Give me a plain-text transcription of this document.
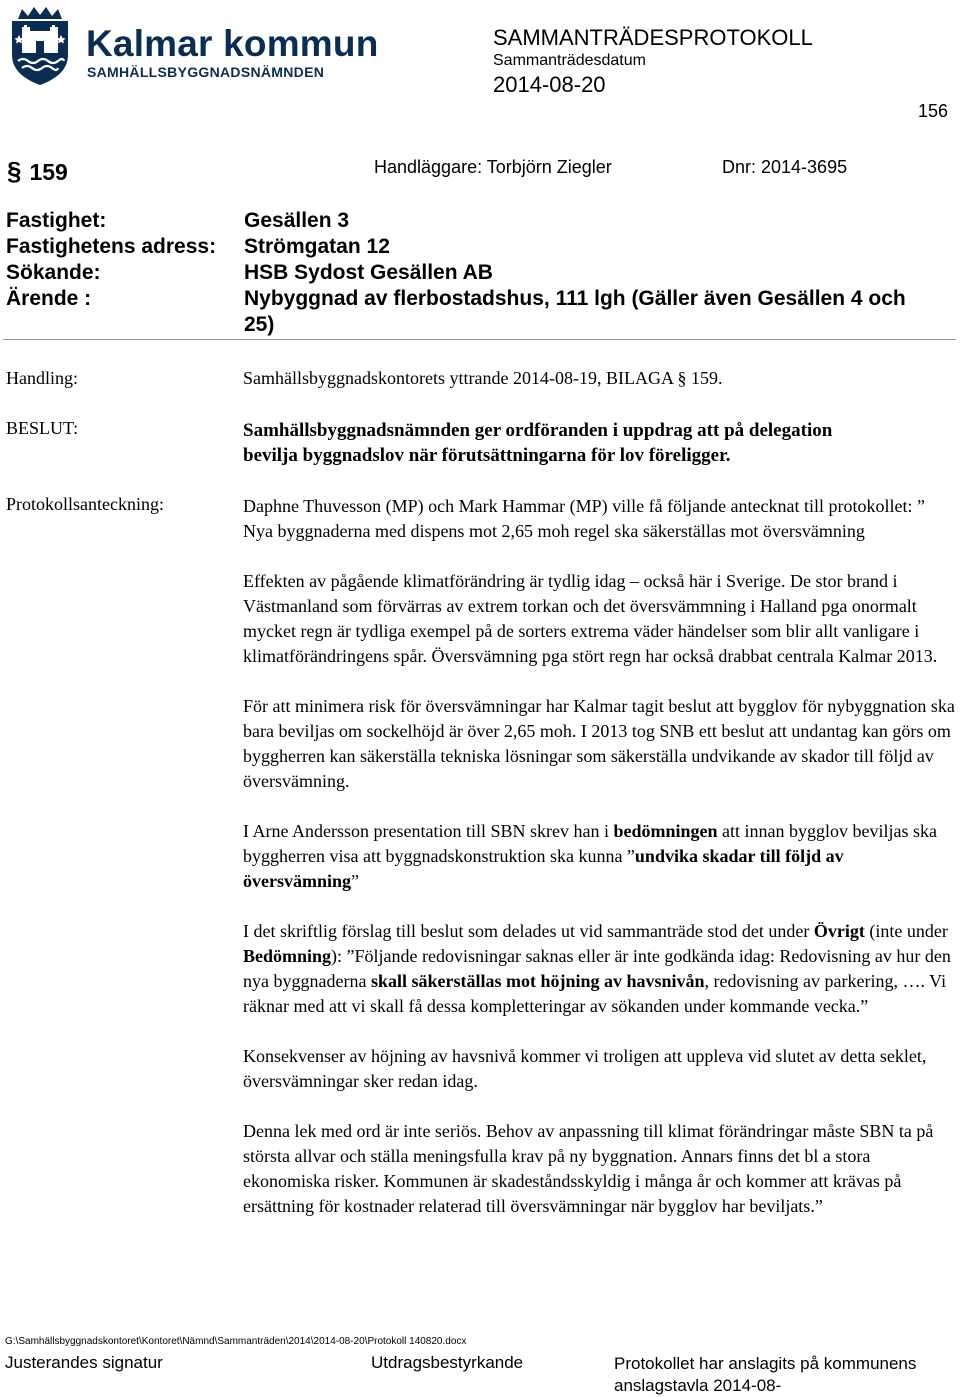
Kalmar kommun
SAMHÄLLSBYGGNADSNÄMNDEN
SAMMANTRÄDESPROTOKOLL
Sammanträdesdatum
2014-08-20
156
§ 159	Handläggare: Torbjörn Ziegler	Dnr: 2014-3695
Fastighet:	Gesällen 3
Fastighetens adress: Strömgatan 12
Sökande:	HSB Sydost Gesällen AB
Ärende :	Nybyggnad av flerbostadshus, 111 lgh (Gäller även Gesällen 4 och
25)
Handling:	Samhällsbyggnadskontorets yttrande 2014-08-19, BILAGA § 159.
BESLUT:	Samhällsbyggnadsnämnden ger ordföranden i uppdrag att på delegation
bevilja byggnadslov när förutsättningarna för lov föreligger.
Protokollsanteckning:	Daphne Thuvesson (MP) och Mark Hammar (MP) ville få följande antecknat till protokollet: ” Nya byggnaderna med dispens mot 2,65 moh regel ska säkerställas mot översvämning

Effekten av pågående klimatförändring är tydlig idag – också här i Sverige. De stor brand i Västmanland som förvärras av extrem torkan och det översvämmning i Halland pga onormalt mycket regn är tydliga exempel på de sorters extrema väder händelser som blir allt vanligare i klimatförändringens spår. Översvämning pga stört regn har också drabbat centrala Kalmar 2013.

För att minimera risk för översvämningar har Kalmar tagit beslut att bygglov för nybyggnation ska bara beviljas om sockelhöjd är över 2,65 moh. I 2013 tog SNB ett beslut att undantag kan görs om byggherren kan säkerställa tekniska lösningar som säkerställa undvikande av skador till följd av översvämning.

I Arne Andersson presentation till SBN skrev han i bedömningen att innan bygglov beviljas ska byggherren visa att byggnadskonstruktion ska kunna ”undvika skadar till följd av översvämning”

I det skriftlig förslag till beslut som delades ut vid sammanträde stod det under Övrigt (inte under Bedömning): ”Följande redovisningar saknas eller är inte godkända idag: Redovisning av hur den nya byggnaderna skall säkerställas mot höjning av havsnivån, redovisning av parkering, …. Vi räknar med att vi skall få dessa kompletteringar av sökanden under kommande vecka.”

Konsekvenser av höjning av havsnivå kommer vi troligen att uppleva vid slutet av detta seklet, översvämningar sker redan idag.

Denna lek med ord är inte seriös. Behov av anpassning till klimat förändringar måste SBN ta på största allvar och ställa meningsfulla krav på ny byggnation. Annars finns det bl a stora ekonomiska risker. Kommunen är skadeståndsskyldig i många år och kommer att krävas på ersättning för kostnader relaterad till översvämningar när bygglov har beviljats.”

G:\Samhällsbyggnadskontoret\Kontoret\Nämnd\Sammanträden\2014\2014-08-20\Protokoll 140820.docx
Justerandes signatur	Utdragsbestyrkande	Protokollet har anslagits på kommunens anslagstavla 2014-08-
